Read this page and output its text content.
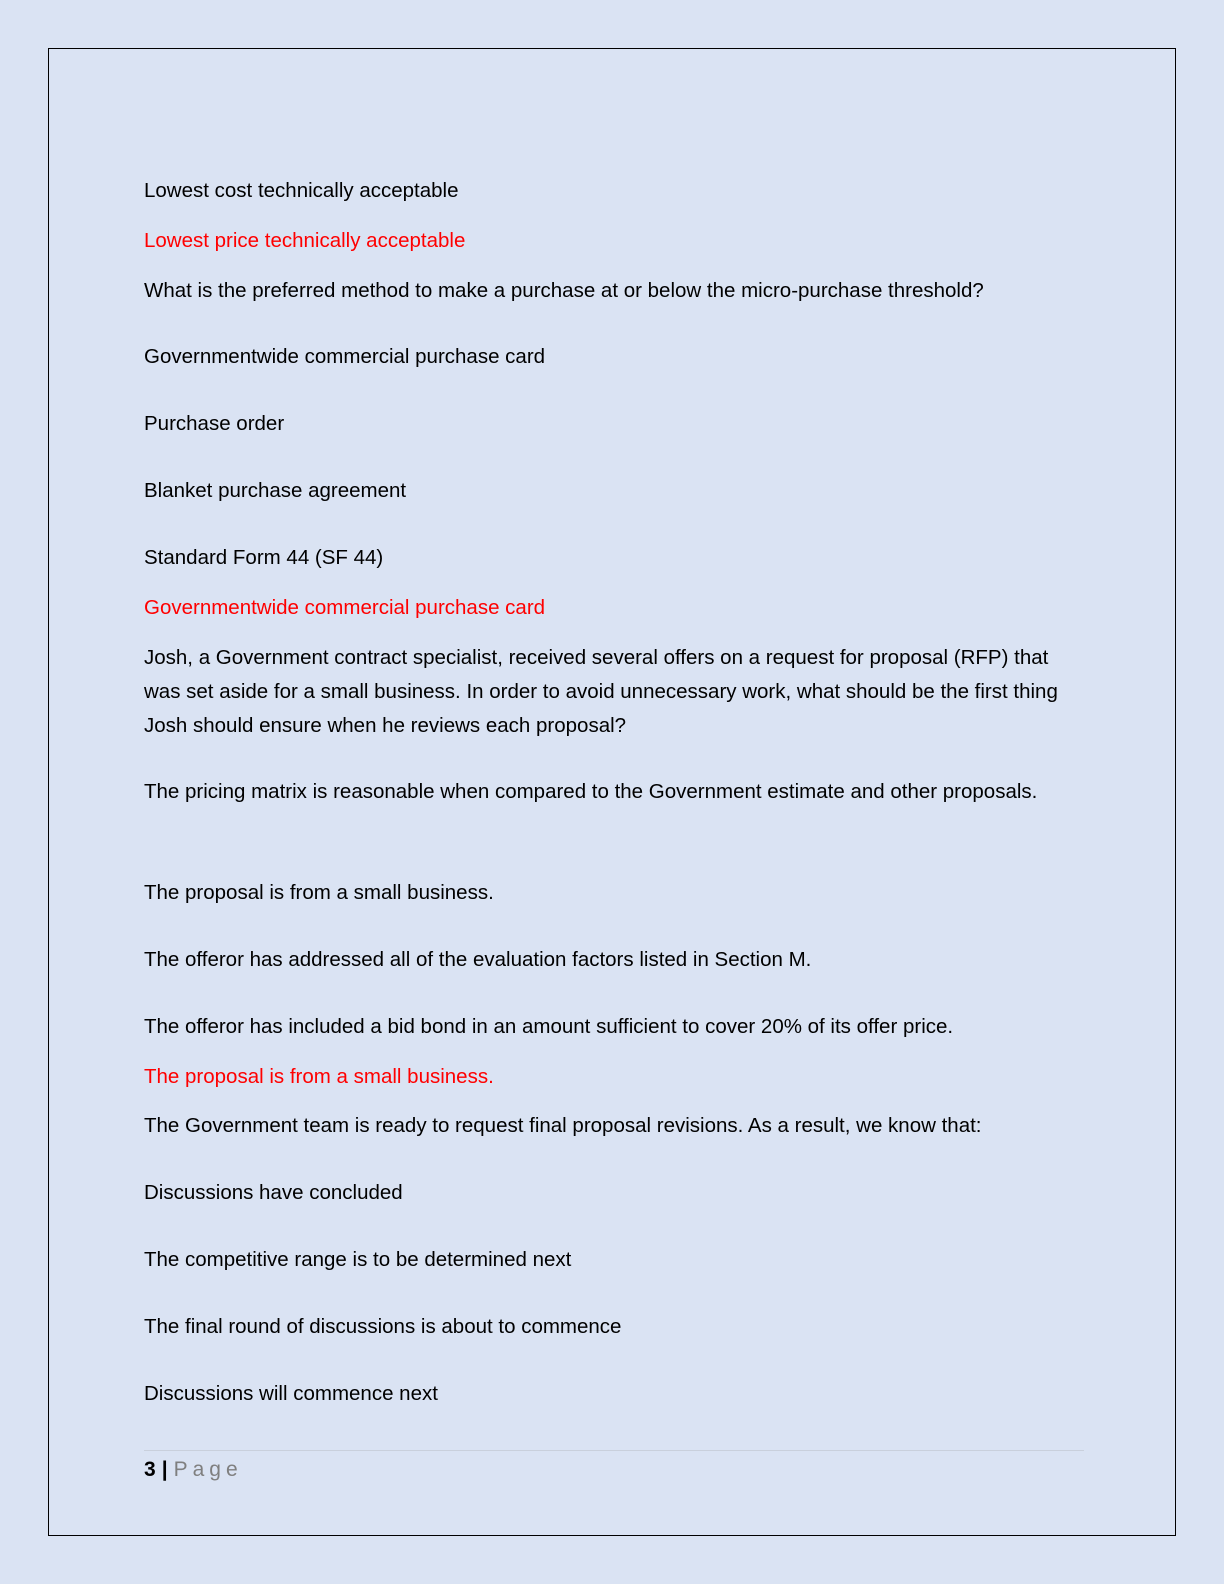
Lowest cost technically acceptable
Lowest price technically acceptable
What is the preferred method to make a purchase at or below the micro-purchase threshold?
Governmentwide commercial purchase card
Purchase order
Blanket purchase agreement
Standard Form 44 (SF 44)
Governmentwide commercial purchase card
Josh, a Government contract specialist, received several offers on a request for proposal (RFP) that was set aside for a small business. In order to avoid unnecessary work, what should be the first thing Josh should ensure when he reviews each proposal?
The pricing matrix is reasonable when compared to the Government estimate and other proposals.
The proposal is from a small business.
The offeror has addressed all of the evaluation factors listed in Section M.
The offeror has included a bid bond in an amount sufficient to cover 20% of its offer price.
The proposal is from a small business.
The Government team is ready to request final proposal revisions. As a result, we know that:
Discussions have concluded
The competitive range is to be determined next
The final round of discussions is about to commence
Discussions will commence next
3 | Page
